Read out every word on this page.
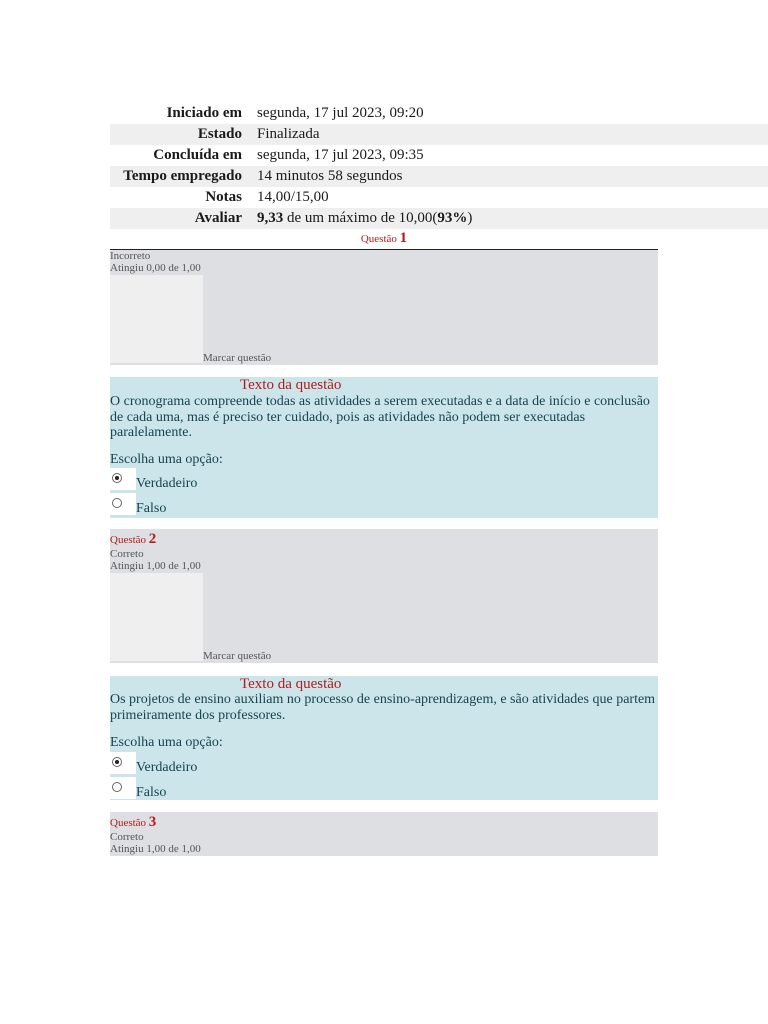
Iniciado em	segunda, 17 jul 2023, 09:20
Estado	Finalizada
Concluída em	segunda, 17 jul 2023, 09:35
Tempo empregado	14 minutos 58 segundos
Notas	14,00/15,00
Avaliar	9,33 de um máximo de 10,00(93%)
Questão 1
Incorreto
Atingiu 0,00 de 1,00
Marcar questão
Texto da questão
O cronograma compreende todas as atividades a serem executadas e a data de início e conclusão de cada uma, mas é preciso ter cuidado, pois as atividades não podem ser executadas paralelamente.
Escolha uma opção:
Verdadeiro
Falso
Questão 2
Correto
Atingiu 1,00 de 1,00
Marcar questão
Texto da questão
Os projetos de ensino auxiliam no processo de ensino-aprendizagem, e são atividades que partem primeiramente dos professores.
Escolha uma opção:
Verdadeiro
Falso
Questão 3
Correto
Atingiu 1,00 de 1,00
